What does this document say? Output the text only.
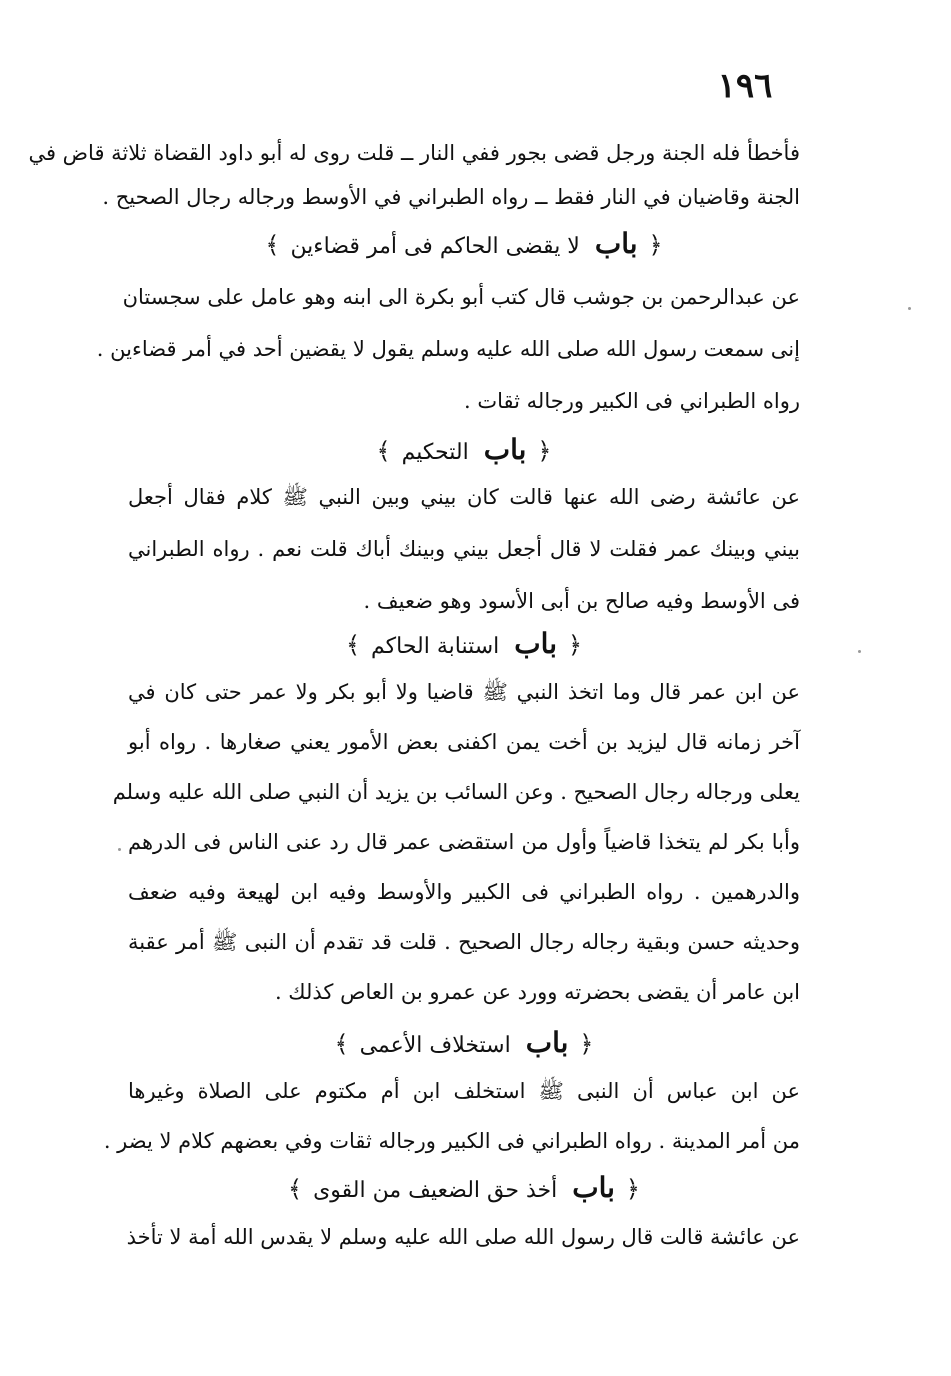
١٩٦
فأخطأ فله الجنة ورجل قضى بجور ففي النار ــ قلت روى له أبو داود القضاة ثلاثة قاض في
الجنة وقاضيان في النار فقط ــ رواه الطبراني في الأوسط ورجاله رجال الصحيح .
﴿ باب لا يقضى الحاكم فى أمر قضاءين ﴾
عن عبدالرحمن بن جوشب قال كتب أبو بكرة الى ابنه وهو عامل على سجستان
إنى سمعت رسول الله صلى الله عليه وسلم يقول لا يقضين أحد في أمر قضاءين .
رواه الطبراني فى الكبير ورجاله ثقات .
﴿ باب التحكيم ﴾
عن عائشة رضى الله عنها قالت كان بيني وبين النبي ﷺ كلام فقال أجعل
بيني وبينك عمر فقلت لا قال أجعل بيني وبينك أباك قلت نعم . رواه الطبراني
فى الأوسط وفيه صالح بن أبى الأسود وهو ضعيف .
﴿ باب استنابة الحاكم ﴾
عن ابن عمر قال وما اتخذ النبي ﷺ قاضيا ولا أبو بكر ولا عمر حتى كان في
آخر زمانه قال ليزيد بن أخت يمن اكفنى بعض الأمور يعني صغارها . رواه أبو
يعلى ورجاله رجال الصحيح . وعن السائب بن يزيد أن النبي صلى الله عليه وسلم
وأبا بكر لم يتخذا قاضياً وأول من استقضى عمر قال رد عنى الناس فى الدرهم
والدرهمين . رواه الطبراني فى الكبير والأوسط وفيه ابن لهيعة وفيه ضعف
وحديثه حسن وبقية رجاله رجال الصحيح . قلت قد تقدم أن النبى ﷺ أمر عقبة
ابن عامر أن يقضى بحضرته وورد عن عمرو بن العاص كذلك .
﴿ باب استخلاف الأعمى ﴾
عن ابن عباس أن النبى ﷺ استخلف ابن أم مكتوم على الصلاة وغيرها
من أمر المدينة . رواه الطبراني فى الكبير ورجاله ثقات وفي بعضهم كلام لا يضر .
﴿ باب أخذ حق الضعيف من القوى ﴾
عن عائشة قالت قال رسول الله صلى الله عليه وسلم لا يقدس الله أمة لا تأخذ
